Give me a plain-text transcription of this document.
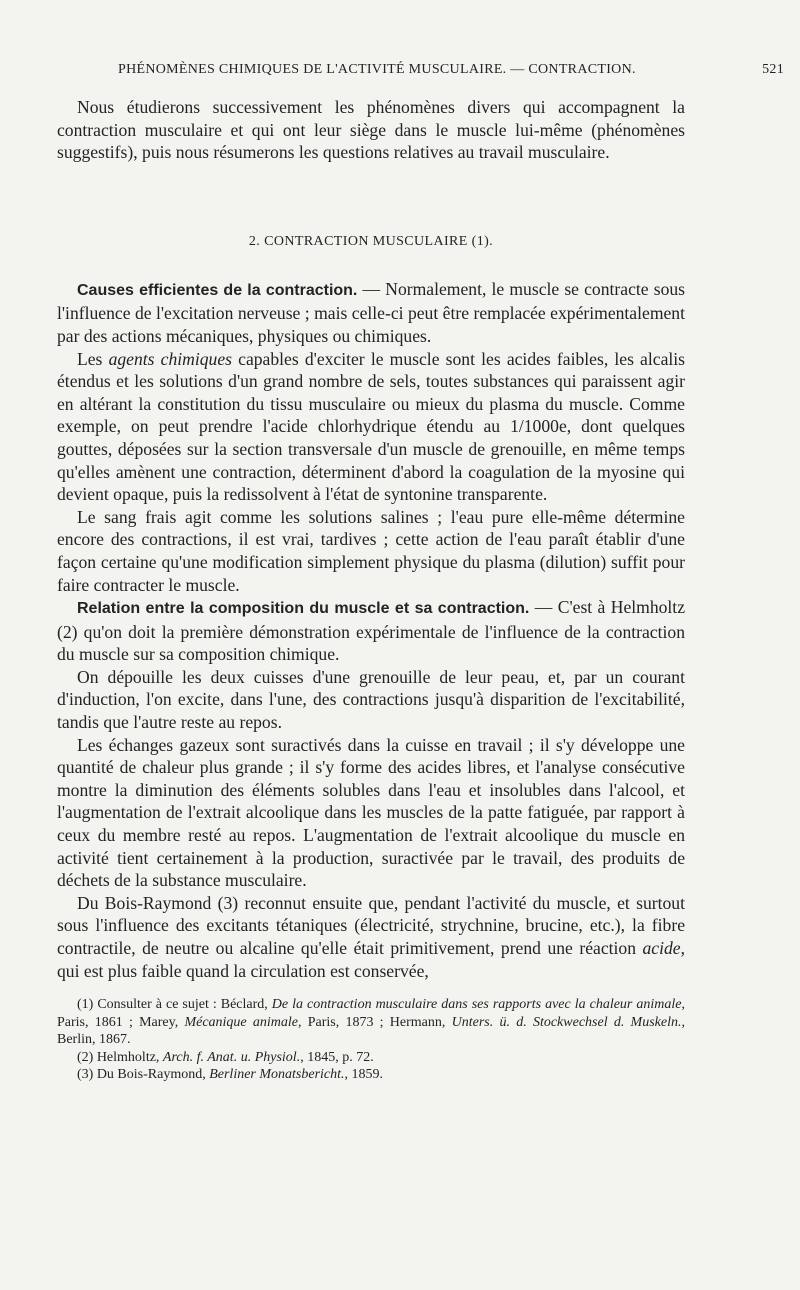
PHÉNOMÈNES CHIMIQUES DE L'ACTIVITÉ MUSCULAIRE. — CONTRACTION.	521

Nous étudierons successivement les phénomènes divers qui accompagnent la contraction musculaire et qui ont leur siège dans le muscle lui-même (phénomènes suggestifs), puis nous résumerons les questions relatives au travail musculaire.

2. CONTRACTION MUSCULAIRE (1).

Causes efficientes de la contraction. — Normalement, le muscle se contracte sous l'influence de l'excitation nerveuse ; mais celle-ci peut être remplacée expérimentalement par des actions mécaniques, physiques ou chimiques.

Les agents chimiques capables d'exciter le muscle sont les acides faibles, les alcalis étendus et les solutions d'un grand nombre de sels, toutes substances qui paraissent agir en altérant la constitution du tissu musculaire ou mieux du plasma du muscle. Comme exemple, on peut prendre l'acide chlorhydrique étendu au 1/1000e, dont quelques gouttes, déposées sur la section transversale d'un muscle de grenouille, en même temps qu'elles amènent une contraction, déterminent d'abord la coagulation de la myosine qui devient opaque, puis la redissolvent à l'état de syntonine transparente.

Le sang frais agit comme les solutions salines ; l'eau pure elle-même détermine encore des contractions, il est vrai, tardives ; cette action de l'eau paraît établir d'une façon certaine qu'une modification simplement physique du plasma (dilution) suffit pour faire contracter le muscle.

Relation entre la composition du muscle et sa contraction. — C'est à Helmholtz (2) qu'on doit la première démonstration expérimentale de l'influence de la contraction du muscle sur sa composition chimique.

On dépouille les deux cuisses d'une grenouille de leur peau, et, par un courant d'induction, l'on excite, dans l'une, des contractions jusqu'à disparition de l'excitabilité, tandis que l'autre reste au repos.

Les échanges gazeux sont suractivés dans la cuisse en travail ; il s'y développe une quantité de chaleur plus grande ; il s'y forme des acides libres, et l'analyse consécutive montre la diminution des éléments solubles dans l'eau et insolubles dans l'alcool, et l'augmentation de l'extrait alcoolique dans les muscles de la patte fatiguée, par rapport à ceux du membre resté au repos. L'augmentation de l'extrait alcoolique du muscle en activité tient certainement à la production, suractivée par le travail, des produits de déchets de la substance musculaire.

Du Bois-Raymond (3) reconnut ensuite que, pendant l'activité du muscle, et surtout sous l'influence des excitants tétaniques (électricité, strychnine, brucine, etc.), la fibre contractile, de neutre ou alcaline qu'elle était primitivement, prend une réaction acide, qui est plus faible quand la circulation est conservée,

(1) Consulter à ce sujet : Béclard, De la contraction musculaire dans ses rapports avec la chaleur animale, Paris, 1861 ; Marey, Mécanique animale, Paris, 1873 ; Hermann, Unters. ü. d. Stockwechsel d. Muskeln., Berlin, 1867.

(2) Helmholtz, Arch. f. Anat. u. Physiol., 1845, p. 72.

(3) Du Bois-Raymond, Berliner Monatsbericht., 1859.
